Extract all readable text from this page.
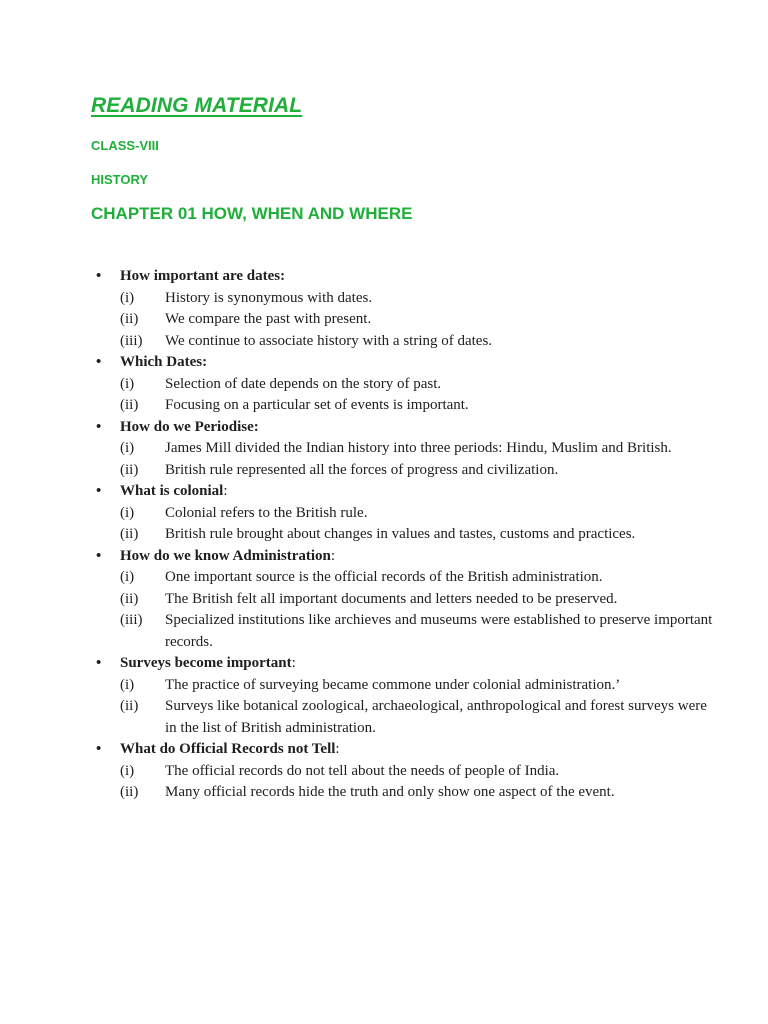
READING MATERIAL

CLASS-VIII

HISTORY

CHAPTER 01 HOW, WHEN AND WHERE

•	How important are dates:
(i)	History is synonymous with dates.
(ii)	We compare the past with present.
(iii)	We continue to associate history with a string of dates.
•	Which Dates:
(i)	Selection of date depends on the story of past.
(ii)	Focusing on a particular set of events is important.
•	How do we Periodise:
(i)	James Mill divided the Indian history into three periods: Hindu, Muslim and British.
(ii)	British rule represented all the forces of progress and civilization.
•	What is colonial :
(i)	Colonial refers to the British rule.
(ii)	British rule brought about changes in values and tastes, customs and practices.
•	How do we know Administration :
(i)	One important source is the official records of the British administration.
(ii)	The British felt all important documents and letters needed to be preserved.
(iii)	Specialized institutions like archieves and museums were established to preserve important records.
•	Surveys become important :
(i)	The practice of surveying became commone under colonial administration.’
(ii)	Surveys like botanical zoological, archaeological, anthropological and forest surveys were in the list of British administration.
•	What do Official Records not Tell :
(i)	The official records do not tell about the needs of people of India.
(ii)	Many official records hide the truth and only show one aspect of the event.
